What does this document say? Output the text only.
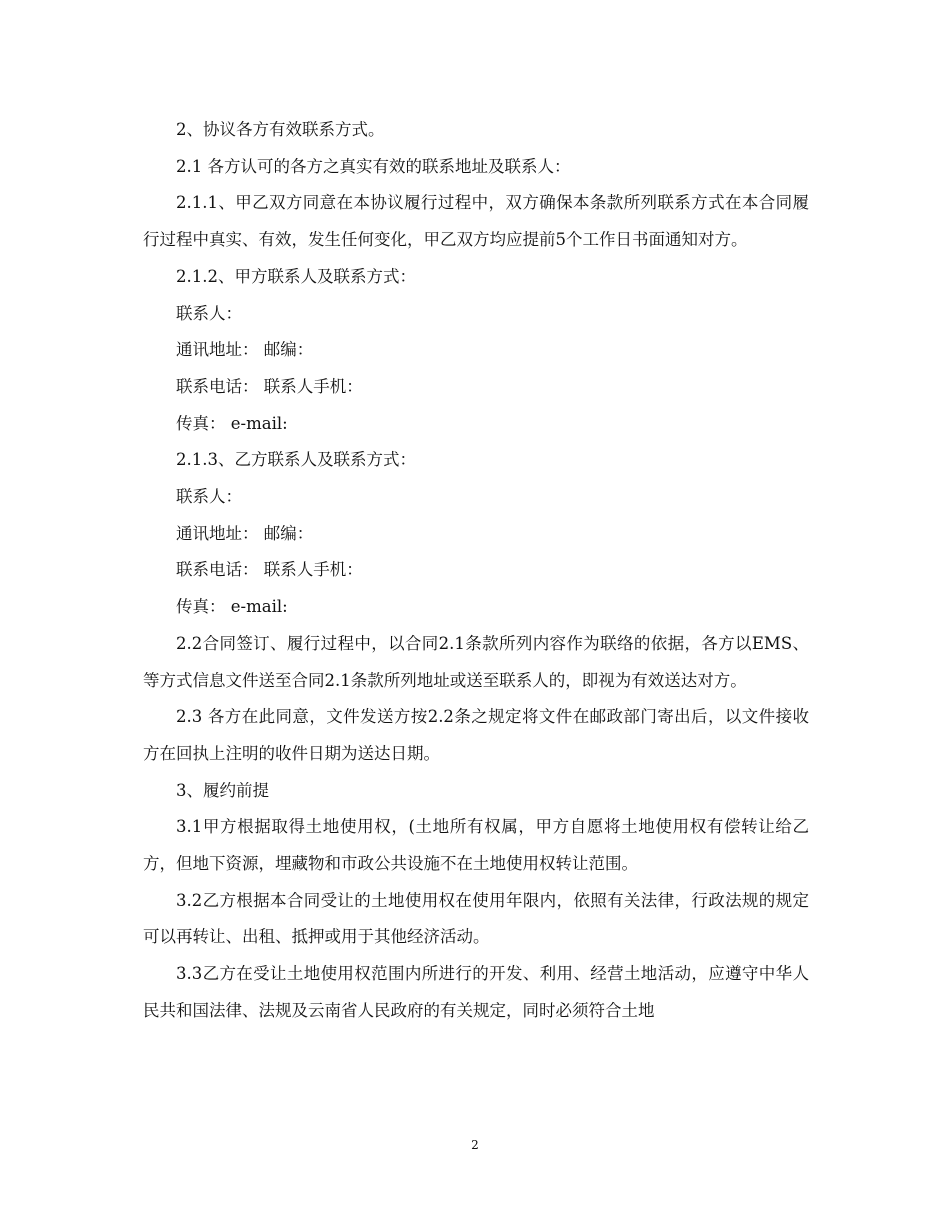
2、协议各方有效联系方式。

2.1 各方认可的各方之真实有效的联系地址及联系人：

2.1.1、甲乙双方同意在本协议履行过程中，双方确保本条款所列联系方式在本合同履行过程中真实、有效，发生任何变化，甲乙双方均应提前5个工作日书面通知对方。

2.1.2、甲方联系人及联系方式：

联系人：

通讯地址： 邮编：

联系电话： 联系人手机：

传真： e-mail:

2.1.3、乙方联系人及联系方式：

联系人：

通讯地址： 邮编：

联系电话： 联系人手机：

传真： e-mail:

2.2合同签订、履行过程中，以合同2.1条款所列内容作为联络的依据，各方以EMS、等方式信息文件送至合同2.1条款所列地址或送至联系人的，即视为有效送达对方。

2.3 各方在此同意，文件发送方按2.2条之规定将文件在邮政部门寄出后，以文件接收方在回执上注明的收件日期为送达日期。

3、履约前提

3.1甲方根据取得土地使用权，(土地所有权属，甲方自愿将土地使用权有偿转让给乙方，但地下资源，埋藏物和市政公共设施不在土地使用权转让范围。

3.2乙方根据本合同受让的土地使用权在使用年限内，依照有关法律，行政法规的规定可以再转让、出租、抵押或用于其他经济活动。

3.3乙方在受让土地使用权范围内所进行的开发、利用、经营土地活动，应遵守中华人民共和国法律、法规及云南省人民政府的有关规定，同时必须符合土地

2
